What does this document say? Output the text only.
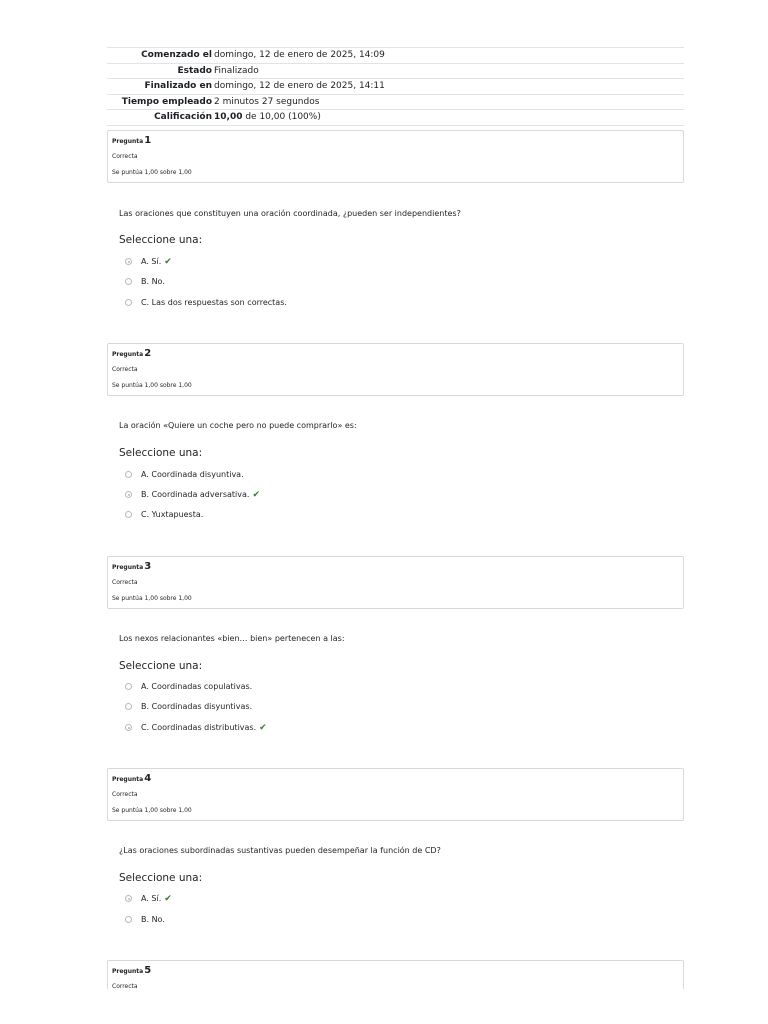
Comenzado el domingo, 12 de enero de 2025, 14:09
Estado Finalizado
Finalizado en domingo, 12 de enero de 2025, 14:11
Tiempo empleado 2 minutos 27 segundos
Calificación 10,00 de 10,00 (100%)
Pregunta1
Correcta
Se puntúa 1,00 sobre 1,00
Las oraciones que constituyen una oración coordinada, ¿pueden ser independientes?
Seleccione una:
A. Sí. ✔
B. No.
C. Las dos respuestas son correctas.
Pregunta2
Correcta
Se puntúa 1,00 sobre 1,00
La oración «Quiere un coche pero no puede comprarlo» es:
Seleccione una:
A. Coordinada disyuntiva.
B. Coordinada adversativa. ✔
C. Yuxtapuesta.
Pregunta3
Correcta
Se puntúa 1,00 sobre 1,00
Los nexos relacionantes «bien… bien» pertenecen a las:
Seleccione una:
A. Coordinadas copulativas.
B. Coordinadas disyuntivas.
C. Coordinadas distributivas. ✔
Pregunta4
Correcta
Se puntúa 1,00 sobre 1,00
¿Las oraciones subordinadas sustantivas pueden desempeñar la función de CD?
Seleccione una:
A. Sí. ✔
B. No.
Pregunta5
Correcta
